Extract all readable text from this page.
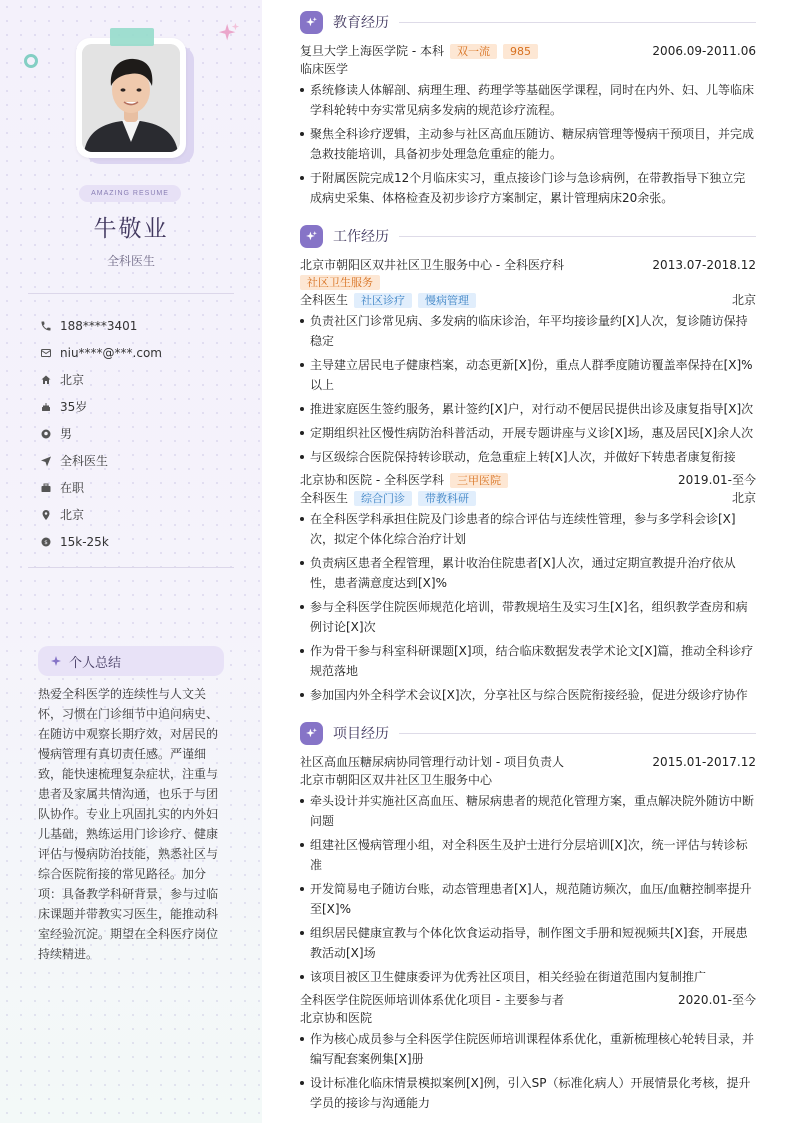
AMAZING RESUME
牛敬业
全科医生
188****3401
niu****@***.com
北京
35岁
男
全科医生
在职
北京
$ 15k-25k
个人总结
热爱全科医学的连续性与人文关怀，习惯在门诊细节中追问病史、在随访中观察长期疗效，对居民的慢病管理有真切责任感。严谨细致，能快速梳理复杂症状，注重与患者及家属共情沟通，也乐于与团队协作。专业上巩固扎实的内外妇儿基础，熟练运用门诊诊疗、健康评估与慢病防治技能，熟悉社区与综合医院衔接的常见路径。加分项：具备教学科研背景，参与过临床课题并带教实习医生，能推动科室经验沉淀。期望在全科医疗岗位持续精进。
教育经历
复旦大学上海医学院 - 本科	双一流	985	2006.09-2011.06
临床医学
系统修读人体解剖、病理生理、药理学等基础医学课程，同时在内外、妇、儿等临床学科轮转中夯实常见病多发病的规范诊疗流程。
聚焦全科诊疗逻辑，主动参与社区高血压随访、糖尿病管理等慢病干预项目，并完成急救技能培训，具备初步处理急危重症的能力。
于附属医院完成12个月临床实习，重点接诊门诊与急诊病例，在带教指导下独立完成病史采集、体格检查及初步诊疗方案制定，累计管理病床20余张。
工作经历
北京市朝阳区双井社区卫生服务中心 - 全科医疗科	2013.07-2018.12
社区卫生服务
全科医生	社区诊疗	慢病管理	北京
负责社区门诊常见病、多发病的临床诊治，年平均接诊量约[X]人次，复诊随访保持稳定
主导建立居民电子健康档案，动态更新[X]份，重点人群季度随访覆盖率保持在[X]%以上
推进家庭医生签约服务，累计签约[X]户，对行动不便居民提供出诊及康复指导[X]次
定期组织社区慢性病防治科普活动，开展专题讲座与义诊[X]场，惠及居民[X]余人次
与区级综合医院保持转诊联动，危急重症上转[X]人次，并做好下转患者康复衔接
北京协和医院 - 全科医学科	三甲医院	2019.01-至今
全科医生	综合门诊	带教科研	北京
在全科医学科承担住院及门诊患者的综合评估与连续性管理，参与多学科会诊[X]次，拟定个体化综合治疗计划
负责病区患者全程管理，累计收治住院患者[X]人次，通过定期宣教提升治疗依从性，患者满意度达到[X]%
参与全科医学住院医师规范化培训，带教规培生及实习生[X]名，组织教学查房和病例讨论[X]次
作为骨干参与科室科研课题[X]项，结合临床数据发表学术论文[X]篇，推动全科诊疗规范落地
参加国内外全科学术会议[X]次，分享社区与综合医院衔接经验，促进分级诊疗协作
项目经历
社区高血压糖尿病协同管理行动计划 - 项目负责人	2015.01-2017.12
北京市朝阳区双井社区卫生服务中心
牵头设计并实施社区高血压、糖尿病患者的规范化管理方案，重点解决院外随访中断问题
组建社区慢病管理小组，对全科医生及护士进行分层培训[X]次，统一评估与转诊标准
开发简易电子随访台账，动态管理患者[X]人，规范随访频次，血压/血糖控制率提升至[X]%
组织居民健康宣教与个体化饮食运动指导，制作图文手册和短视频共[X]套，开展患教活动[X]场
该项目被区卫生健康委评为优秀社区项目，相关经验在街道范围内复制推广
全科医学住院医师培训体系优化项目 - 主要参与者	2020.01-至今
北京协和医院
作为核心成员参与全科医学住院医师培训课程体系优化，重新梳理核心轮转目录，并编写配套案例集[X]册
设计标准化临床情景模拟案例[X]例，引入SP（标准化病人）开展情景化考核，提升学员的接诊与沟通能力
